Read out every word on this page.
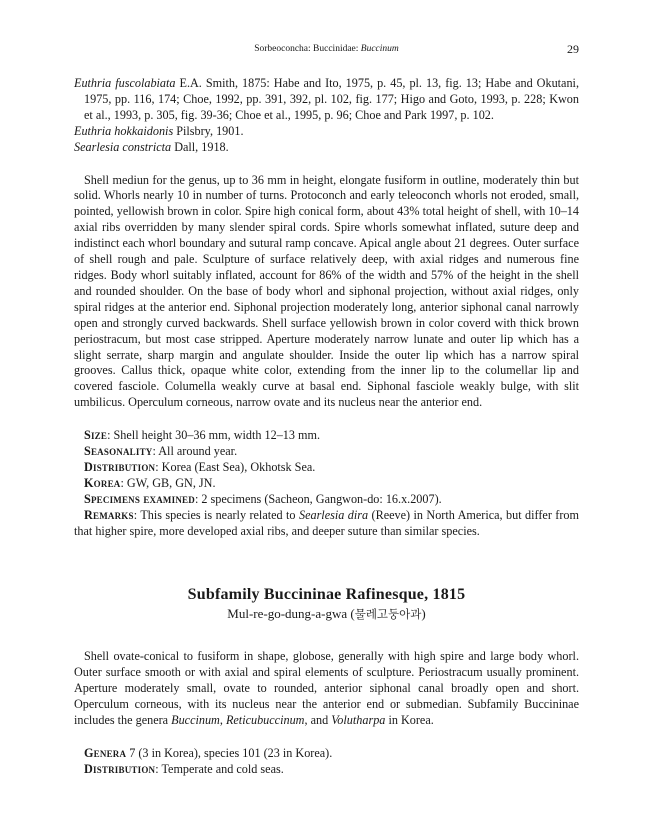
Sorbeoconcha: Buccinidae: Buccinum	29

Euthria fuscolabiata E.A. Smith, 1875: Habe and Ito, 1975, p. 45, pl. 13, fig. 13; Habe and Okutani, 1975, pp. 116, 174; Choe, 1992, pp. 391, 392, pl. 102, fig. 177; Higo and Goto, 1993, p. 228; Kwon et al., 1993, p. 305, fig. 39-36; Choe et al., 1995, p. 96; Choe and Park 1997, p. 102.

Euthria hokkaidonis Pilsbry, 1901.

Searlesia constricta Dall, 1918.

Shell mediun for the genus, up to 36 mm in height, elongate fusiform in outline, moderately thin but solid. Whorls nearly 10 in number of turns. Protoconch and early teleoconch whorls not eroded, small, pointed, yellowish brown in color. Spire high conical form, about 43% total height of shell, with 10–14 axial ribs overridden by many slender spiral cords. Spire whorls somewhat inflated, suture deep and indistinct each whorl boundary and sutural ramp concave. Apical angle about 21 degrees. Outer surface of shell rough and pale. Sculpture of surface relatively deep, with axial ridges and numerous fine ridges. Body whorl suitably inflated, account for 86% of the width and 57% of the height in the shell and rounded shoulder. On the base of body whorl and siphonal projection, without axial ridges, only spiral ridges at the anterior end. Siphonal projection moderately long, anterior siphonal canal narrowly open and strongly curved backwards. Shell surface yellowish brown in color coverd with thick brown periostracum, but most case stripped. Aperture moderately narrow lunate and outer lip which has a slight serrate, sharp margin and angulate shoulder. Inside the outer lip which has a narrow spiral grooves. Callus thick, opaque white color, extending from the inner lip to the columellar lip and covered fasciole. Columella weakly curve at basal end. Siphonal fasciole weakly bulge, with slit umbilicus. Operculum corneous, narrow ovate and its nucleus near the anterior end.

Size: Shell height 30–36 mm, width 12–13 mm.

Seasonality: All around year.

Distribution: Korea (East Sea), Okhotsk Sea.

Korea: GW, GB, GN, JN.

Specimens examined: 2 specimens (Sacheon, Gangwon-do: 16.x.2007).

Remarks: This species is nearly related to Searlesia dira (Reeve) in North America, but differ from that higher spire, more developed axial ribs, and deeper suture than similar species.

Subfamily Buccininae Rafinesque, 1815
Mul-re-go-dung-a-gwa (물레고둥아과)

Shell ovate-conical to fusiform in shape, globose, generally with high spire and large body whorl. Outer surface smooth or with axial and spiral elements of sculpture. Periostracum usually prominent. Aperture moderately small, ovate to rounded, anterior siphonal canal broadly open and short. Operculum corneous, with its nucleus near the anterior end or submedian. Subfamily Buccininae includes the genera Buccinum, Reticubuccinum, and Volutharpa in Korea.

Genera 7 (3 in Korea), species 101 (23 in Korea).

Distribution: Temperate and cold seas.
